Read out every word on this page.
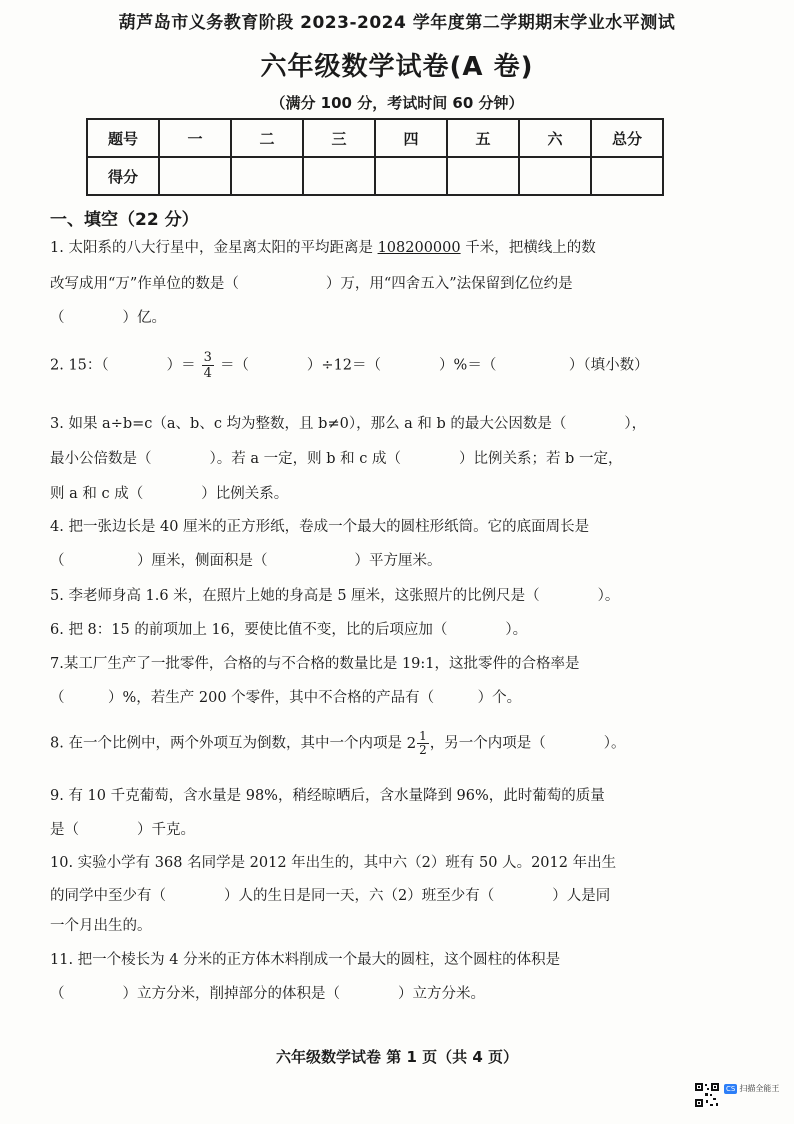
葫芦岛市义务教育阶段 2023-2024 学年度第二学期期末学业水平测试
六年级数学试卷(A 卷)
（满分 100 分，考试时间 60 分钟）
题号	一	二	三	四	五	六	总分
得分							
一、填空（22 分）
1. 太阳系的八大行星中，金星离太阳的平均距离是 108200000 千米，把横线上的数
改写成用“万”作单位的数是（　　　　　　）万，用“四舍五入”法保留到亿位约是
（　　　　）亿。
2. 15：（　　　　）＝ $\frac{3}{4}$ ＝（　　　　）÷12＝（　　　　）%＝（　　　　　）（填小数）
3. 如果 a÷b=c（a、b、c 均为整数，且 b≠0），那么 a 和 b 的最大公因数是（　　　　），
最小公倍数是（　　　　）。若 a 一定，则 b 和 c 成（　　　　）比例关系；若 b 一定，
则 a 和 c 成（　　　　）比例关系。
4. 把一张边长是 40 厘米的正方形纸，卷成一个最大的圆柱形纸筒。它的底面周长是
（　　　　　）厘米，侧面积是（　　　　　　）平方厘米。
5. 李老师身高 1.6 米，在照片上她的身高是 5 厘米，这张照片的比例尺是（　　　　）。
6. 把 8：15 的前项加上 16，要使比值不变，比的后项应加（　　　　）。
7.某工厂生产了一批零件，合格的与不合格的数量比是 19:1，这批零件的合格率是
（　　　）%，若生产 200 个零件，其中不合格的产品有（　　　）个。
8. 在一个比例中，两个外项互为倒数，其中一个内项是 $2 \frac{1}{2}$ ，另一个内项是（　　　　）。
9. 有 10 千克葡萄，含水量是 98%，稍经晾晒后，含水量降到 96%，此时葡萄的质量
是（　　　　）千克。
10. 实验小学有 368 名同学是 2012 年出生的，其中六（2）班有 50 人。2012 年出生
的同学中至少有（　　　　）人的生日是同一天，六（2）班至少有（　　　　）人是同
一个月出生的。
11. 把一个棱长为 4 分米的正方体木料削成一个最大的圆柱，这个圆柱的体积是
（　　　　）立方分米，削掉部分的体积是（　　　　）立方分米。
六年级数学试卷 第 1 页（共 4 页）
CS 扫描全能王
